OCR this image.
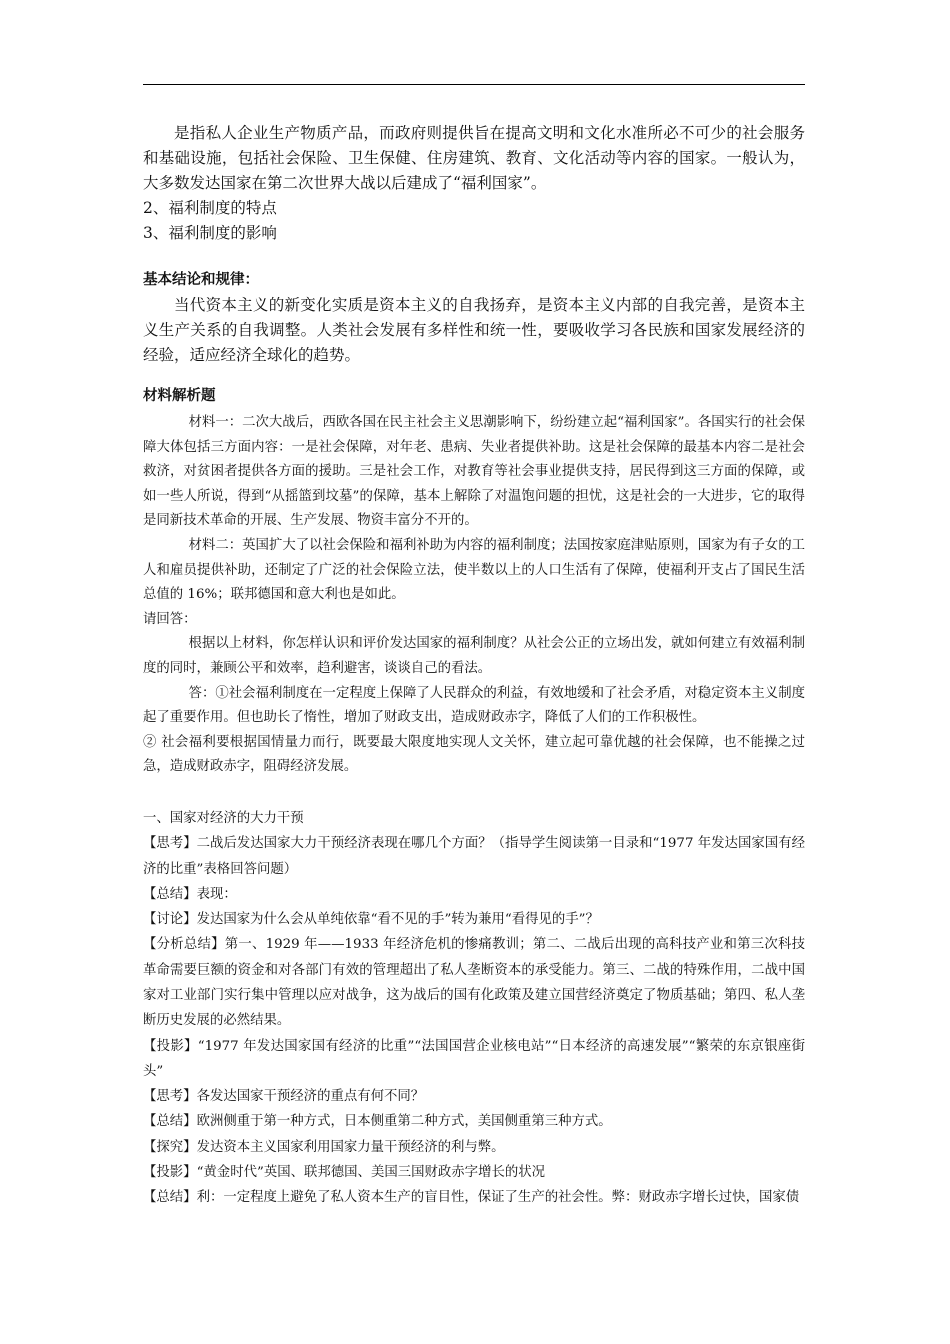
是指私人企业生产物质产品，而政府则提供旨在提高文明和文化水准所必不可少的社会服务和基础设施，包括社会保险、卫生保健、住房建筑、教育、文化活动等内容的国家。一般认为，大多数发达国家在第二次世界大战以后建成了“福利国家”。

2、福利制度的特点

3、福利制度的影响

基本结论和规律：

当代资本主义的新变化实质是资本主义的自我扬弃，是资本主义内部的自我完善，是资本主义生产关系的自我调整。人类社会发展有多样性和统一性，要吸收学习各民族和国家发展经济的经验，适应经济全球化的趋势。

材料解析题

材料一：二次大战后，西欧各国在民主社会主义思潮影响下，纷纷建立起“福利国家”。各国实行的社会保障大体包括三方面内容：一是社会保障，对年老、患病、失业者提供补助。这是社会保障的最基本内容二是社会救济，对贫困者提供各方面的援助。三是社会工作，对教育等社会事业提供支持，居民得到这三方面的保障，或如一些人所说，得到“从摇篮到坟墓”的保障，基本上解除了对温饱问题的担忧，这是社会的一大进步，它的取得是同新技术革命的开展、生产发展、物资丰富分不开的。

材料二：英国扩大了以社会保险和福利补助为内容的福利制度；法国按家庭津贴原则，国家为有子女的工人和雇员提供补助，还制定了广泛的社会保险立法，使半数以上的人口生活有了保障，使福利开支占了国民生活总值的 16%；联邦德国和意大利也是如此。

请回答：

根据以上材料，你怎样认识和评价发达国家的福利制度？从社会公正的立场出发，就如何建立有效福利制度的同时，兼顾公平和效率，趋利避害，谈谈自己的看法。

答：①社会福利制度在一定程度上保障了人民群众的利益，有效地缓和了社会矛盾，对稳定资本主义制度起了重要作用。但也助长了惰性，增加了财政支出，造成财政赤字，降低了人们的工作积极性。

② 社会福利要根据国情量力而行，既要最大限度地实现人文关怀，建立起可靠优越的社会保障，也不能操之过急，造成财政赤字，阻碍经济发展。

一、国家对经济的大力干预

【思考】二战后发达国家大力干预经济表现在哪几个方面？（指导学生阅读第一目录和“1977 年发达国家国有经济的比重”表格回答问题）

【总结】表现：

【讨论】发达国家为什么会从单纯依靠“看不见的手”转为兼用“看得见的手”？

【分析总结】第一、1929 年——1933 年经济危机的惨痛教训；第二、二战后出现的高科技产业和第三次科技革命需要巨额的资金和对各部门有效的管理超出了私人垄断资本的承受能力。第三、二战的特殊作用，二战中国家对工业部门实行集中管理以应对战争，这为战后的国有化政策及建立国营经济奠定了物质基础；第四、私人垄断历史发展的必然结果。

【投影】“1977 年发达国家国有经济的比重”“法国国营企业核电站”“日本经济的高速发展”“繁荣的东京银座街头”

【思考】各发达国家干预经济的重点有何不同？

【总结】欧洲侧重于第一种方式，日本侧重第二种方式，美国侧重第三种方式。

【探究】发达资本主义国家利用国家力量干预经济的利与弊。

【投影】“黄金时代”英国、联邦德国、美国三国财政赤字增长的状况

【总结】利：一定程度上避免了私人资本生产的盲目性，保证了生产的社会性。弊：财政赤字增长过快，国家债
